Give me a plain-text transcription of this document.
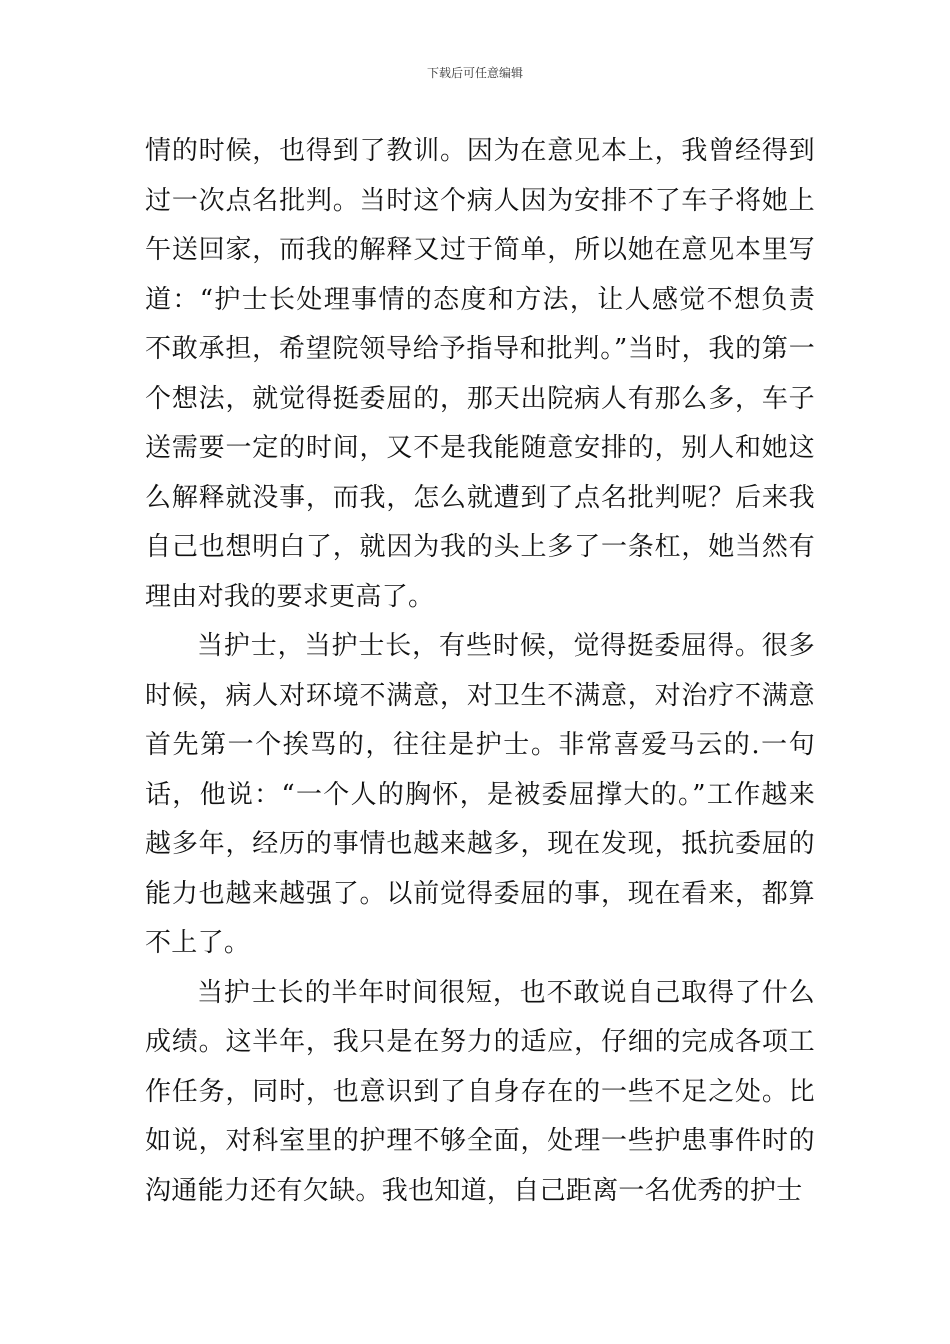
下载后可任意编辑

情的时候，也得到了教训。因为在意见本上，我曾经得到过一次点名批判。当时这个病人因为安排不了车子将她上午送回家，而我的解释又过于简单，所以她在意见本里写道：“护士长处理事情的态度和方法，让人感觉不想负责不敢承担，希望院领导给予指导和批判。”当时，我的第一个想法，就觉得挺委屈的，那天出院病人有那么多，车子送需要一定的时间，又不是我能随意安排的，别人和她这么解释就没事，而我，怎么就遭到了点名批判呢？后来我自己也想明白了，就因为我的头上多了一条杠，她当然有理由对我的要求更高了。

当护士，当护士长，有些时候，觉得挺委屈得。很多时候，病人对环境不满意，对卫生不满意，对治疗不满意首先第一个挨骂的，往往是护士。非常喜爱马云的.一句话，他说：“一个人的胸怀，是被委屈撑大的。”工作越来越多年，经历的事情也越来越多，现在发现，抵抗委屈的能力也越来越强了。以前觉得委屈的事，现在看来，都算不上了。

当护士长的半年时间很短，也不敢说自己取得了什么成绩。这半年，我只是在努力的适应，仔细的完成各项工作任务，同时，也意识到了自身存在的一些不足之处。比如说，对科室里的护理不够全面，处理一些护患事件时的沟通能力还有欠缺。我也知道，自己距离一名优秀的护士
